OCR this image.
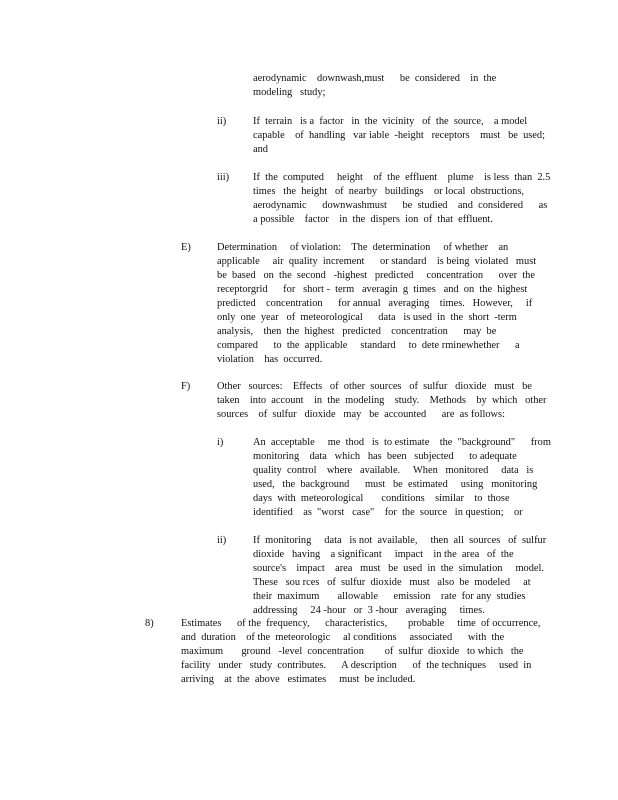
aerodynamic    downwash,must      be  considered    in  the
modeling   study;
ii)	If  terrain   is a  factor   in  the  vicinity   of  the  source,    a model
capable    of  handling   var iable  -height   receptors    must   be  used;
and
iii) If  the  computed     height    of  the  effluent    plume    is less  than  2.5
times   the  height   of  nearby   buildings    or local  obstructions,
aerodynamic      downwashmust      be  studied    and  considered      as
a possible    factor    in  the  dispers  ion  of  that  effluent.
E)	Determination     of violation:    The  determination     of whether    an
applicable     air  quality  increment      or standard    is being  violated   must
be  based   on  the  second   -highest   predicted     concentration      over  the
receptorgrid      for   short -  term   averagin  g  times   and  on  the  highest
predicted    concentration      for annual   averaging    times.   However,     if
only  one  year   of  meteorological      data   is used  in  the  short  -term
analysis,    then  the  highest   predicted    concentration      may  be
compared      to  the  applicable     standard     to  dete rminewhether      a
violation    has  occurred.
F)	Other   sources:    Effects   of  other  sources   of  sulfur   dioxide   must   be
taken    into  account    in  the  modeling    study.    Methods    by  which   other
sources    of  sulfur   dioxide   may   be  accounted      are  as follows:
i)	An  acceptable     me  thod   is  to estimate    the  "background"      from
monitoring    data   which   has  been   subjected      to adequate
quality  control    where   available.     When   monitored     data   is
used,   the  background      must   be  estimated     using   monitoring
days  with  meteorological       conditions    similar    to  those
identified    as  "worst   case"    for  the  source   in question;    or
ii)	If  monitoring     data   is not  available,     then  all  sources   of  sulfur
dioxide   having    a significant     impact    in the  area   of  the
source's    impact    area   must   be  used  in  the  simulation     model.
These   sou rces   of  sulfur  dioxide   must   also  be  modeled     at
their  maximum       allowable      emission    rate  for any  studies
addressing     24 -hour   or  3 -hour   averaging     times.
8)	Estimates      of the  frequency,      characteristics,        probable     time  of occurrence,
and  duration    of the  meteorologic     al conditions     associated      with  the
maximum       ground   -level  concentration        of  sulfur  dioxide   to which   the
facility   under   study  contributes.      A description      of  the techniques     used  in
arriving    at  the  above   estimates     must  be included.
